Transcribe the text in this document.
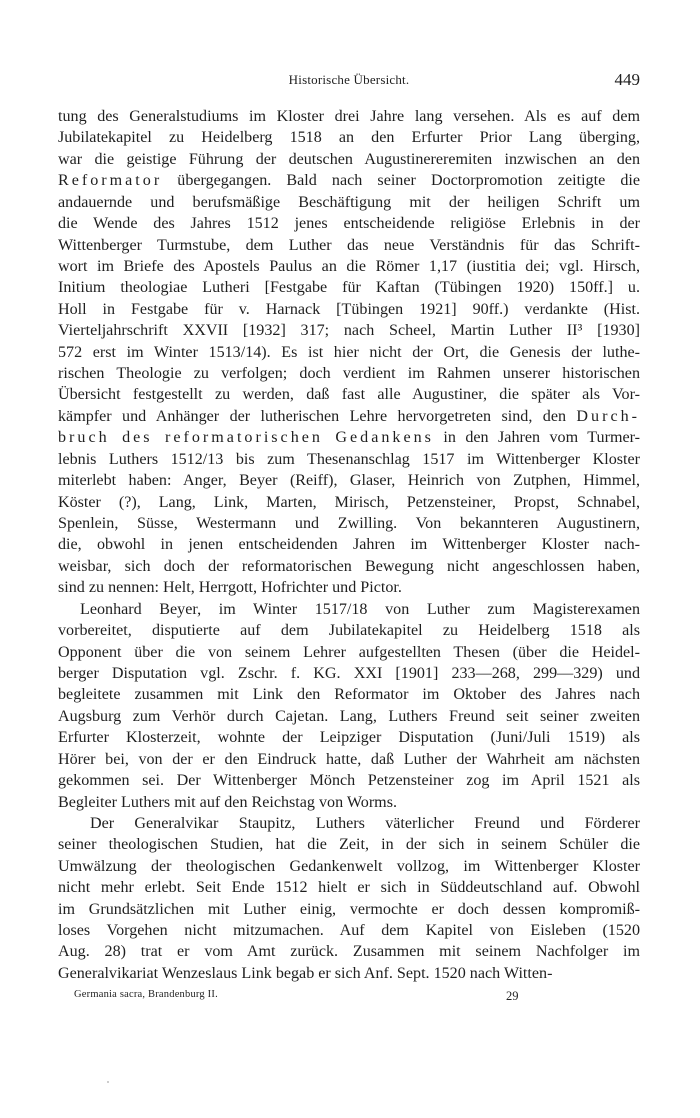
Historische Übersicht.	449
tung des Generalstudiums im Kloster drei Jahre lang versehen. Als es auf dem
Jubilatekapitel zu Heidelberg 1518 an den Erfurter Prior Lang überging,
war die geistige Führung der deutschen Augustinereremiten inzwischen an den
Reformator übergegangen. Bald nach seiner Doctorpromotion zeitigte die
andauernde und berufsmäßige Beschäftigung mit der heiligen Schrift um
die Wende des Jahres 1512 jenes entscheidende religiöse Erlebnis in der
Wittenberger Turmstube, dem Luther das neue Verständnis für das Schrift-
wort im Briefe des Apostels Paulus an die Römer 1,17 (iustitia dei; vgl. Hirsch,
Initium theologiae Lutheri [Festgabe für Kaftan (Tübingen 1920) 150ff.] u.
Holl in Festgabe für v. Harnack [Tübingen 1921] 90ff.) verdankte (Hist.
Vierteljahrschrift XXVII [1932] 317; nach Scheel, Martin Luther II³ [1930]
572 erst im Winter 1513/14). Es ist hier nicht der Ort, die Genesis der luthe-
rischen Theologie zu verfolgen; doch verdient im Rahmen unserer historischen
Übersicht festgestellt zu werden, daß fast alle Augustiner, die später als Vor-
kämpfer und Anhänger der lutherischen Lehre hervorgetreten sind, den Durch-
bruch des reformatorischen Gedankens in den Jahren vom Turmer-
lebnis Luthers 1512/13 bis zum Thesenanschlag 1517 im Wittenberger Kloster
miterlebt haben: Anger, Beyer (Reiff), Glaser, Heinrich von Zutphen, Himmel,
Köster (?), Lang, Link, Marten, Mirisch, Petzensteiner, Propst, Schnabel,
Spenlein, Süsse, Westermann und Zwilling. Von bekannteren Augustinern,
die, obwohl in jenen entscheidenden Jahren im Wittenberger Kloster nach-
weisbar, sich doch der reformatorischen Bewegung nicht angeschlossen haben,
sind zu nennen: Helt, Herrgott, Hofrichter und Pictor.
Leonhard Beyer, im Winter 1517/18 von Luther zum Magisterexamen
vorbereitet, disputierte auf dem Jubilatekapitel zu Heidelberg 1518 als
Opponent über die von seinem Lehrer aufgestellten Thesen (über die Heidel-
berger Disputation vgl. Zschr. f. KG. XXI [1901] 233—268, 299—329) und
begleitete zusammen mit Link den Reformator im Oktober des Jahres nach
Augsburg zum Verhör durch Cajetan. Lang, Luthers Freund seit seiner zweiten
Erfurter Klosterzeit, wohnte der Leipziger Disputation (Juni/Juli 1519) als
Hörer bei, von der er den Eindruck hatte, daß Luther der Wahrheit am nächsten
gekommen sei. Der Wittenberger Mönch Petzensteiner zog im April 1521 als
Begleiter Luthers mit auf den Reichstag von Worms.
Der Generalvikar Staupitz, Luthers väterlicher Freund und Förderer
seiner theologischen Studien, hat die Zeit, in der sich in seinem Schüler die
Umwälzung der theologischen Gedankenwelt vollzog, im Wittenberger Kloster
nicht mehr erlebt. Seit Ende 1512 hielt er sich in Süddeutschland auf. Obwohl
im Grundsätzlichen mit Luther einig, vermochte er doch dessen kompromiß-
loses Vorgehen nicht mitzumachen. Auf dem Kapitel von Eisleben (1520
Aug. 28) trat er vom Amt zurück. Zusammen mit seinem Nachfolger im
Generalvikariat Wenzeslaus Link begab er sich Anf. Sept. 1520 nach Witten-
Germania sacra, Brandenburg II.	29
